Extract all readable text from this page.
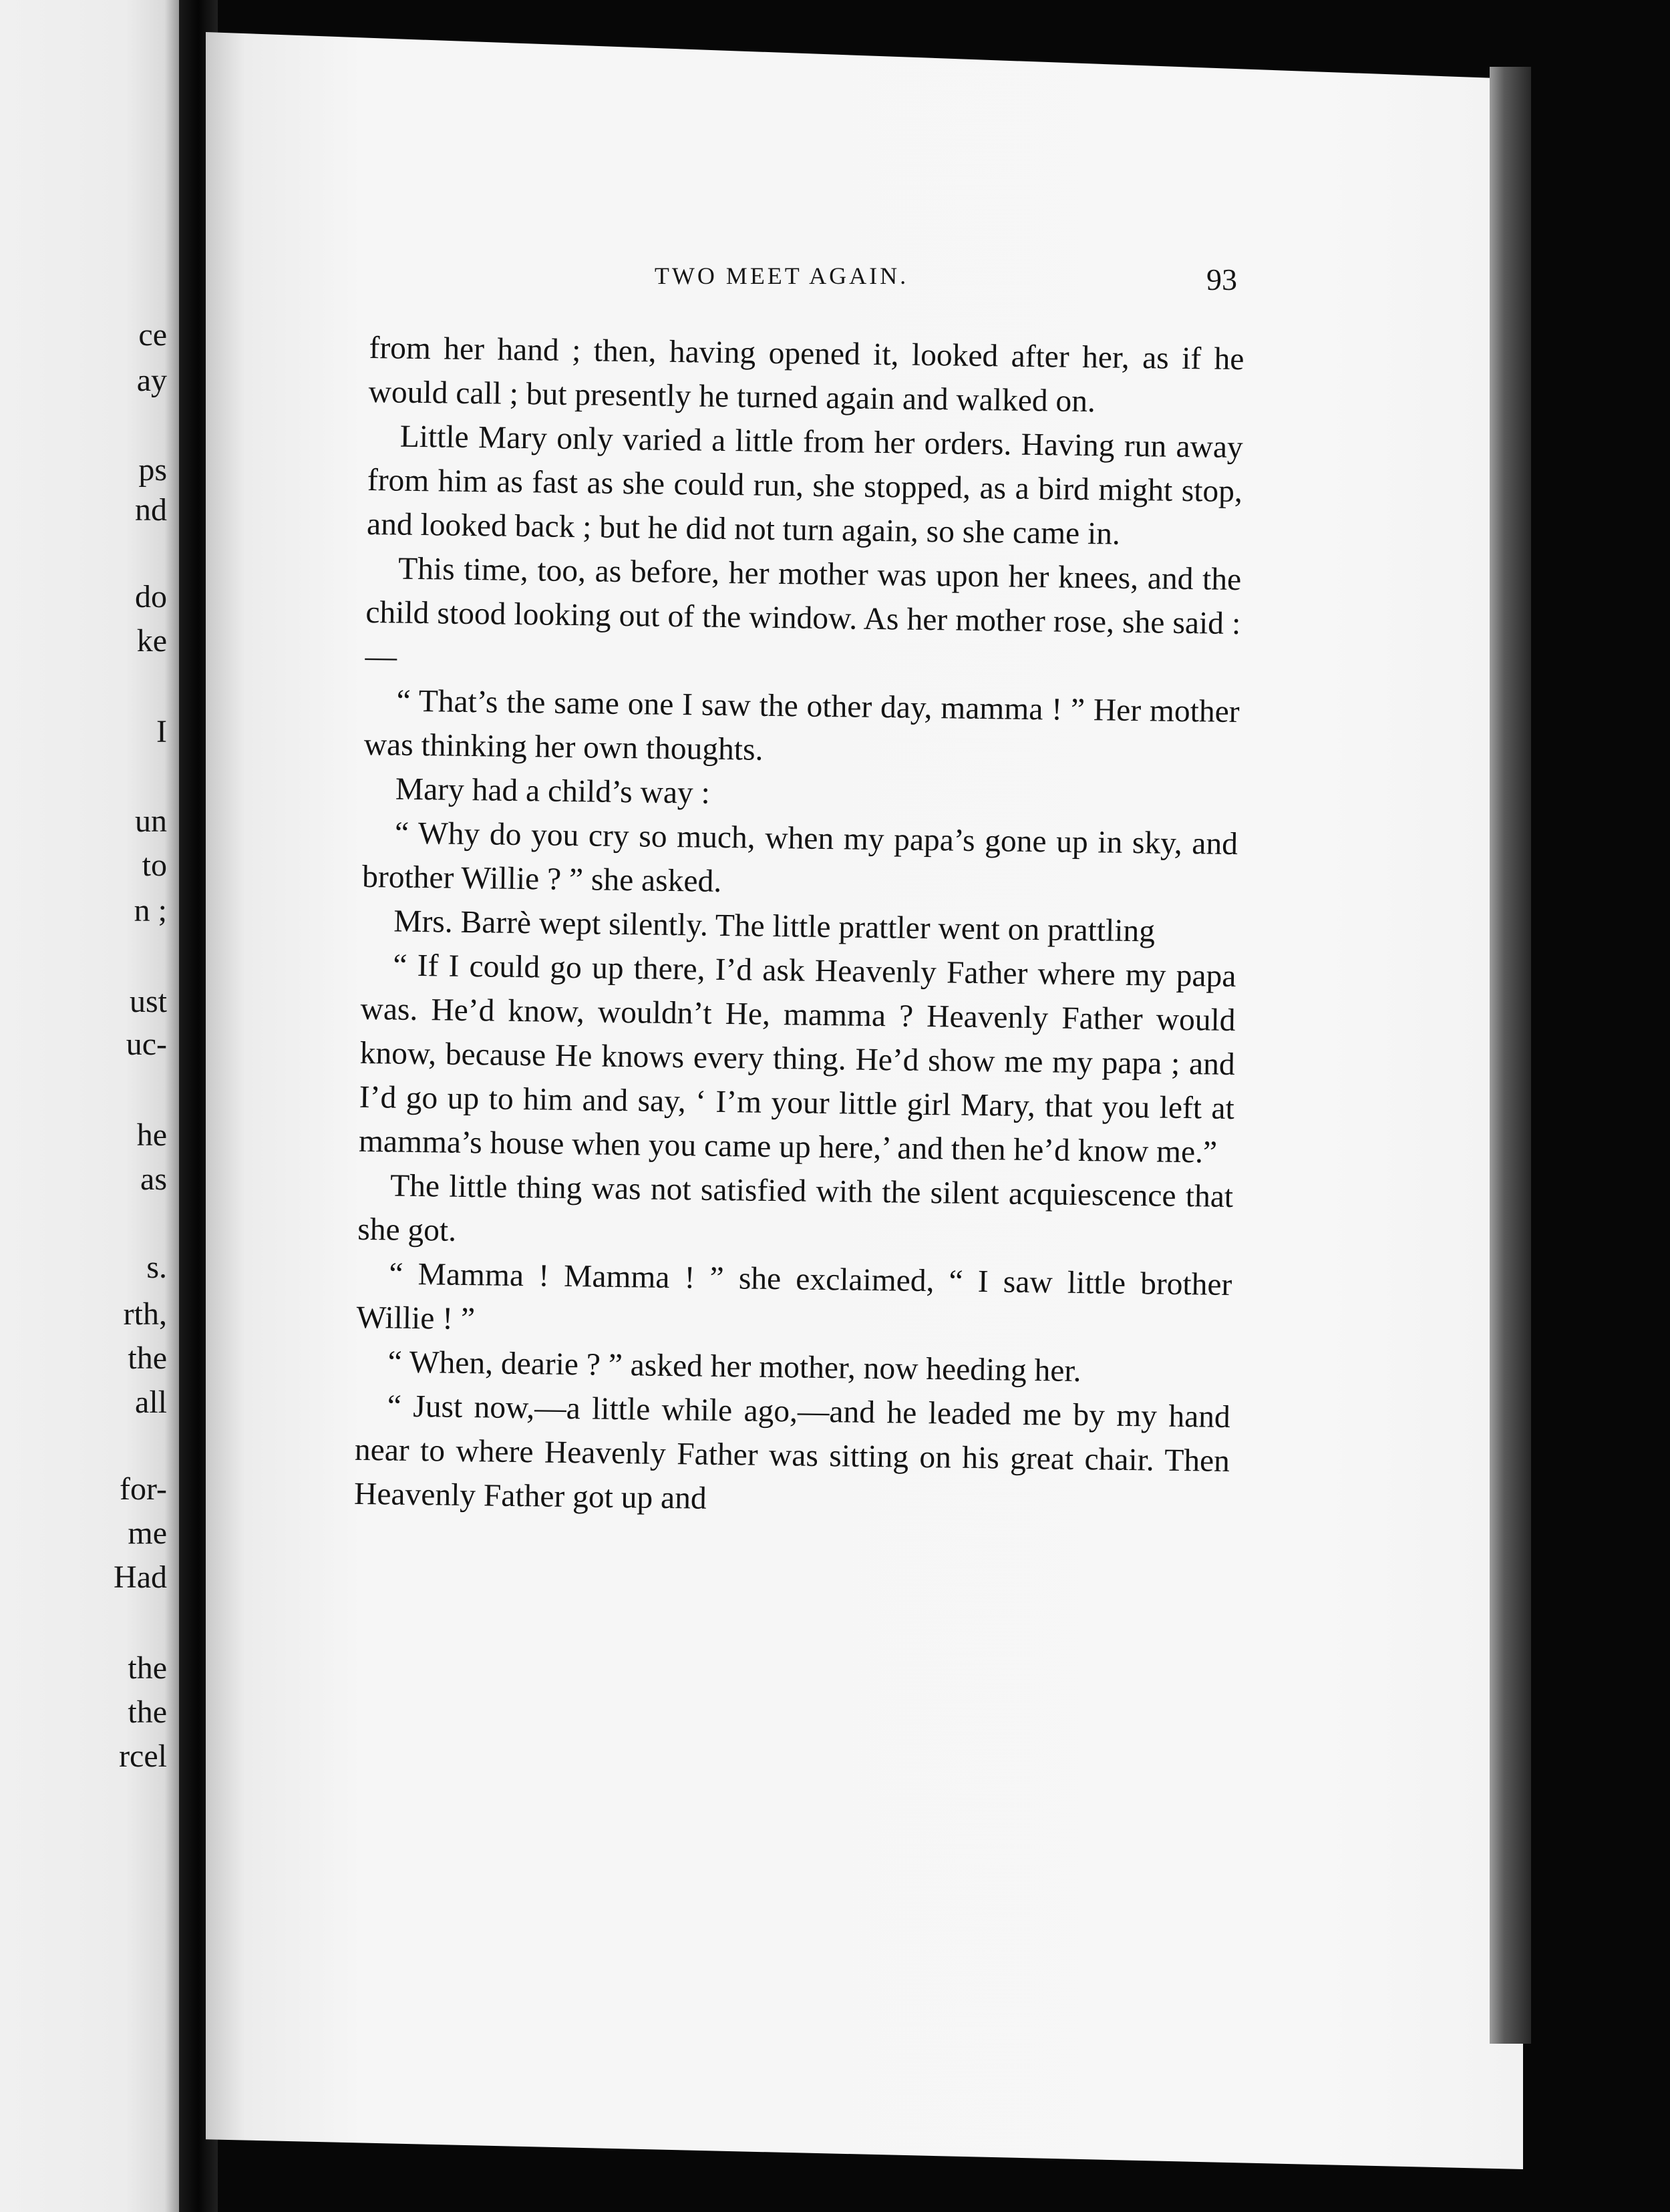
ce

ay

ps

nd

do

ke

I

un

to

n ;

ust

uc-

he

as

s.

rth,

the

all

for-

me

Had

the

the

rcel

TWO MEET AGAIN.	93

from her hand ; then, having opened it, looked after her, as if he would call ; but presently he turned again and walked on.

Little Mary only varied a little from her orders. Having run away from him as fast as she could run, she stopped, as a bird might stop, and looked back ; but he did not turn again, so she came in.

This time, too, as before, her mother was upon her knees, and the child stood looking out of the window. As her mother rose, she said :—

“ That’s the same one I saw the other day, mamma ! ” Her mother was thinking her own thoughts.

Mary had a child’s way :

“ Why do you cry so much, when my papa’s gone up in sky, and brother Willie ? ” she asked.

Mrs. Barrè wept silently. The little prattler went on prattling

“ If I could go up there, I’d ask Heavenly Father where my papa was. He’d know, wouldn’t He, mamma ? Heavenly Father would know, because He knows every thing. He’d show me my papa ; and I’d go up to him and say, ‘ I’m your little girl Mary, that you left at mamma’s house when you came up here,’ and then he’d know me.”

The little thing was not satisfied with the silent acquiescence that she got.

“ Mamma ! Mamma ! ” she exclaimed, “ I saw little brother Willie ! ”

“ When, dearie ? ” asked her mother, now heeding her.

“ Just now,—a little while ago,—and he leaded me by my hand near to where Heavenly Father was sitting on his great chair. Then Heavenly Father got up and
